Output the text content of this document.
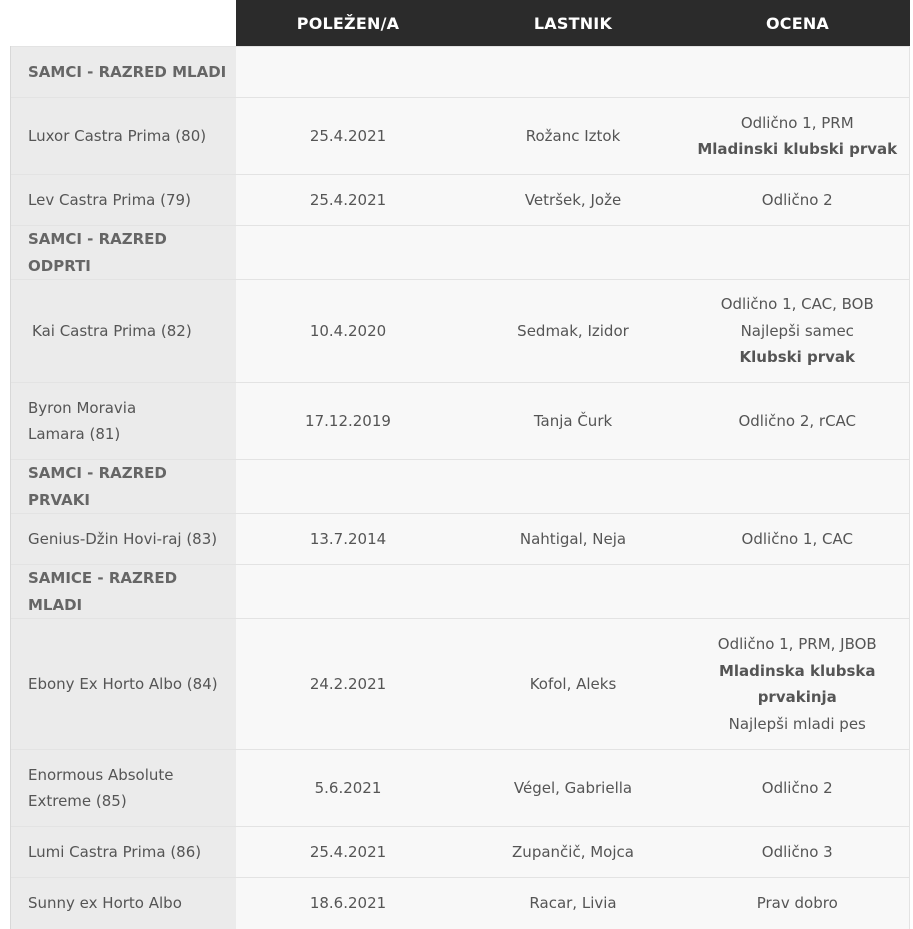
	POLEŽEN/A	LASTNIK	OCENA
SAMCI - RAZRED MLADI			
Luxor Castra Prima (80)	25.4.2021	Rožanc Iztok	Odlično 1, PRM
Mladinski klubski prvak

Lev Castra Prima (79)	25.4.2021	Vetršek, Jože	Odlično 2

SAMCI - RAZRED ODPRTI			
Kai Castra Prima (82)	10.4.2020	Sedmak, Izidor	Odlično 1, CAC, BOB
Najlepši samec
Klubski prvak

Byron Moravia Lamara (81)	17.12.2019	Tanja Čurk	Odlično 2, rCAC

SAMCI - RAZRED PRVAKI			
Genius-Džin Hovi-raj (83)	13.7.2014	Nahtigal, Neja	Odlično 1, CAC

SAMICE - RAZRED MLADI			
Ebony Ex Horto Albo (84)	24.2.2021	Kofol, Aleks	Odlično 1, PRM, JBOB
Mladinska klubska prvakinja
Najlepši mladi pes

Enormous Absolute Extreme (85)	5.6.2021	Végel, Gabriella	Odlično 2

Lumi Castra Prima (86)	25.4.2021	Zupančič, Mojca	Odlično 3

Sunny ex Horto Albo	18.6.2021	Racar, Livia	Prav dobro
